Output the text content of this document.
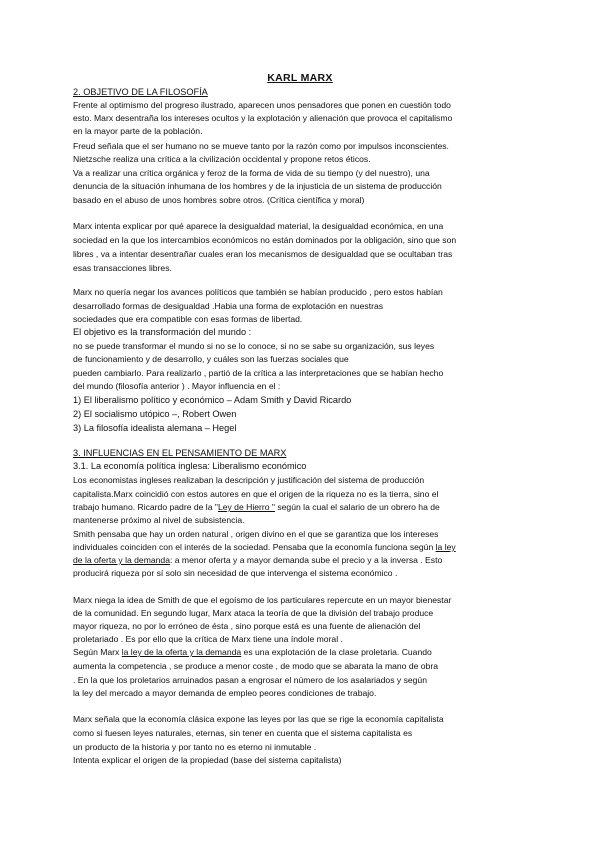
KARL MARX
2. OBJETIVO DE LA FILOSOFÍA
Frente al optimismo del progreso ilustrado, aparecen unos pensadores que ponen en cuestión todo
esto. Marx desentraña los intereses ocultos y la explotación y alienación que provoca el capitalismo
en la mayor parte de la población.
Freud señala que el ser humano no se mueve tanto por la razón como por impulsos inconscientes.
Nietzsche realiza una crítica a la civilización occidental y propone retos éticos.
Va a realizar una crítica orgánica y feroz de la forma de vida de su tiempo (y del nuestro), una
denuncia de la situación inhumana de los hombres y de la injusticia de un sistema de producción
basado en el abuso de unos hombres sobre otros. (Crítica científica y moral)
Marx intenta explicar por qué aparece la desigualdad material, la desigualdad económica, en una
sociedad en la que los intercambios económicos no están dominados por la obligación, sino que son
libres , va a intentar desentrañar cuales eran los mecanismos de desigualdad que se ocultaban tras
esas transacciones libres.
Marx no quería negar los avances políticos que también se habían producido , pero estos habían
desarrollado formas de desigualdad .Habia una forma de explotación en nuestras
sociedades que era compatible con esas formas de libertad.
El objetivo es la transformación del mundo :
no se puede transformar el mundo si no se lo conoce, si no se sabe su organización, sus leyes
de funcionamiento y de desarrollo, y cuáles son las fuerzas sociales que
pueden cambiarlo. Para realizarlo , partió de la crítica a las interpretaciones que se habían hecho
del mundo (filosofía anterior ) . Mayor influencia en el :
1) El liberalismo político y económico – Adam Smith y David Ricardo
2) El socialismo utópico –, Robert Owen
3) La filosofía idealista alemana – Hegel
3. INFLUENCIAS EN EL PENSAMIENTO DE MARX
3.1. La economía política inglesa: Liberalismo económico
Los economistas ingleses realizaban la descripción y justificación del sistema de producción
capitalista.Marx coincidió con estos autores en que el origen de la riqueza no es la tierra, sino el
trabajo humano. Ricardo padre de la "Ley de Hierro " según la cual el salario de un obrero ha de
mantenerse próximo al nivel de subsistencia.
Smith pensaba que hay un orden natural , origen divino en el que se garantiza que los intereses
individuales coinciden con el interés de la sociedad. Pensaba que la economía funciona según la ley
de la oferta y la demanda: a menor oferta y a mayor demanda sube el precio y a la inversa . Esto
producirá riqueza por sí solo sin necesidad de que intervenga el sistema económico .
Marx niega la idea de Smith de que el egoísmo de los particulares repercute en un mayor bienestar
de la comunidad. En segundo lugar, Marx ataca la teoría de que la división del trabajo produce
mayor riqueza, no por lo erróneo de ésta , sino porque está es una fuente de alienación del
proletariado . Es por ello que la crítica de Marx tiene una índole moral .
Según Marx la ley de la oferta y la demanda es una explotación de la clase proletaria. Cuando
aumenta la competencia , se produce a menor coste , de modo que se abarata la mano de obra
. En la que los proletarios arruinados pasan a engrosar el número de los asalariados y según
la ley del mercado a mayor demanda de empleo peores condiciones de trabajo.
Marx señala que la economía clásica expone las leyes por las que se rige la economía capitalista
como si fuesen leyes naturales, eternas, sin tener en cuenta que el sistema capitalista es
un producto de la historia y por tanto no es eterno ni inmutable .
Intenta explicar el origen de la propiedad (base del sistema capitalista)
